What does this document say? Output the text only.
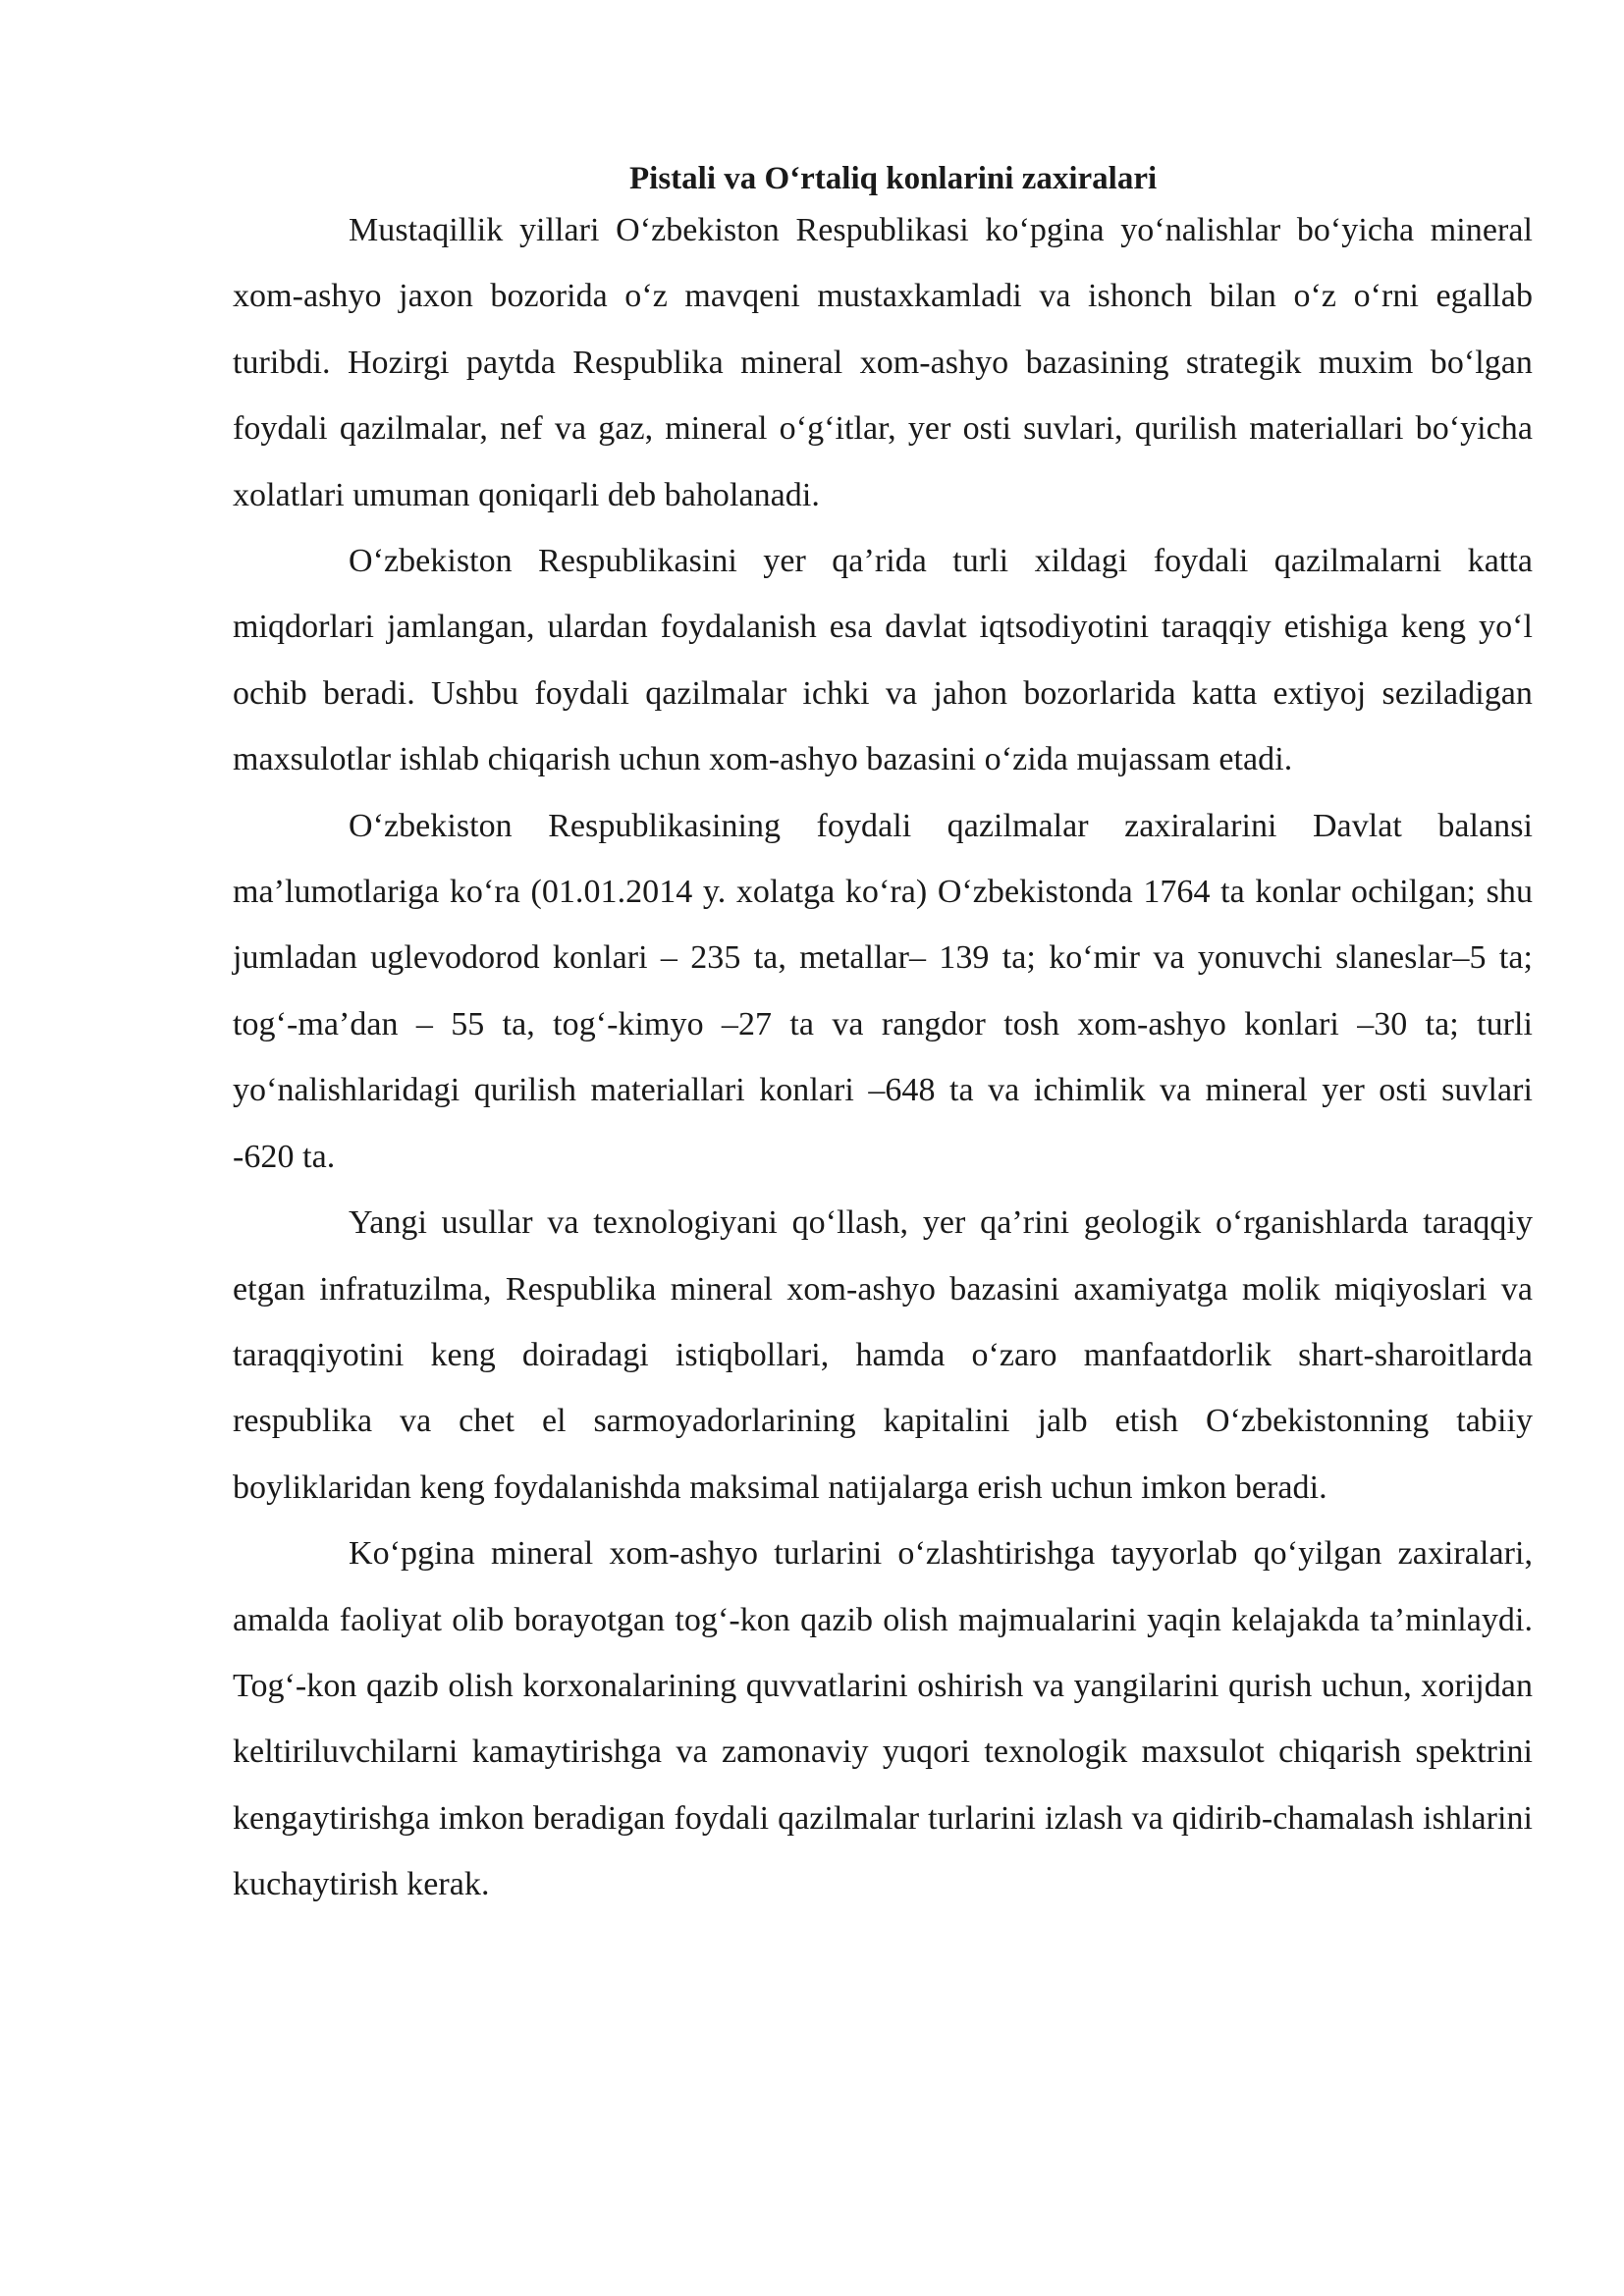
Pistali va O‘rtaliq konlarini zaxiralari

Mustaqillik yillari O‘zbekiston Respublikasi ko‘pgina yo‘nalishlar bo‘yicha mineral xom-ashyo jaxon bozorida o‘z mavqeni mustaxkamladi va ishonch bilan o‘z o‘rni egallab turibdi. Hozirgi paytda Respublika mineral xom-ashyo bazasining strategik muxim bo‘lgan foydali qazilmalar, nef va gaz, mineral o‘g‘itlar, yer osti suvlari, qurilish materiallari bo‘yicha xolatlari umuman qoniqarli deb baholanadi.

O‘zbekiston Respublikasini yer qa’rida turli xildagi foydali qazilmalarni katta miqdorlari jamlangan, ulardan foydalanish esa davlat iqtsodiyotini taraqqiy etishiga keng yo‘l ochib beradi. Ushbu foydali qazilmalar ichki va jahon bozorlarida katta extiyoj seziladigan maxsulotlar ishlab chiqarish uchun xom-ashyo bazasini o‘zida mujassam etadi.

O‘zbekiston Respublikasining foydali qazilmalar zaxiralarini Davlat balansi ma’lumotlariga ko‘ra (01.01.2014 y. xolatga ko‘ra) O‘zbekistonda 1764 ta konlar ochilgan; shu jumladan uglevodorod konlari – 235 ta, metallar– 139 ta; ko‘mir va yonuvchi slaneslar–5 ta; tog‘-ma’dan – 55 ta, tog‘-kimyo –27 ta va rangdor tosh xom-ashyo konlari –30 ta; turli yo‘nalishlaridagi qurilish materiallari konlari –648 ta va ichimlik va mineral yer osti suvlari -620 ta.

Yangi usullar va texnologiyani qo‘llash, yer qa’rini geologik o‘rganishlarda taraqqiy etgan infratuzilma, Respublika mineral xom-ashyo bazasini axamiyatga molik miqiyoslari va taraqqiyotini keng doiradagi istiqbollari, hamda o‘zaro manfaatdorlik shart-sharoitlarda respublika va chet el sarmoyadorlarining kapitalini jalb etish O‘zbekistonning tabiiy boyliklaridan keng foydalanishda maksimal natijalarga erish uchun imkon beradi.

Ko‘pgina mineral xom-ashyo turlarini o‘zlashtirishga tayyorlab qo‘yilgan zaxiralari, amalda faoliyat olib borayotgan tog‘-kon qazib olish majmualarini yaqin kelajakda ta’minlaydi. Tog‘-kon qazib olish korxonalarining quvvatlarini oshirish va yangilarini qurish uchun, xorijdan keltiriluvchilarni kamaytirishga va zamonaviy yuqori texnologik maxsulot chiqarish spektrini kengaytirishga imkon beradigan foydali qazilmalar turlarini izlash va qidirib-chamalash ishlarini kuchaytirish kerak.
